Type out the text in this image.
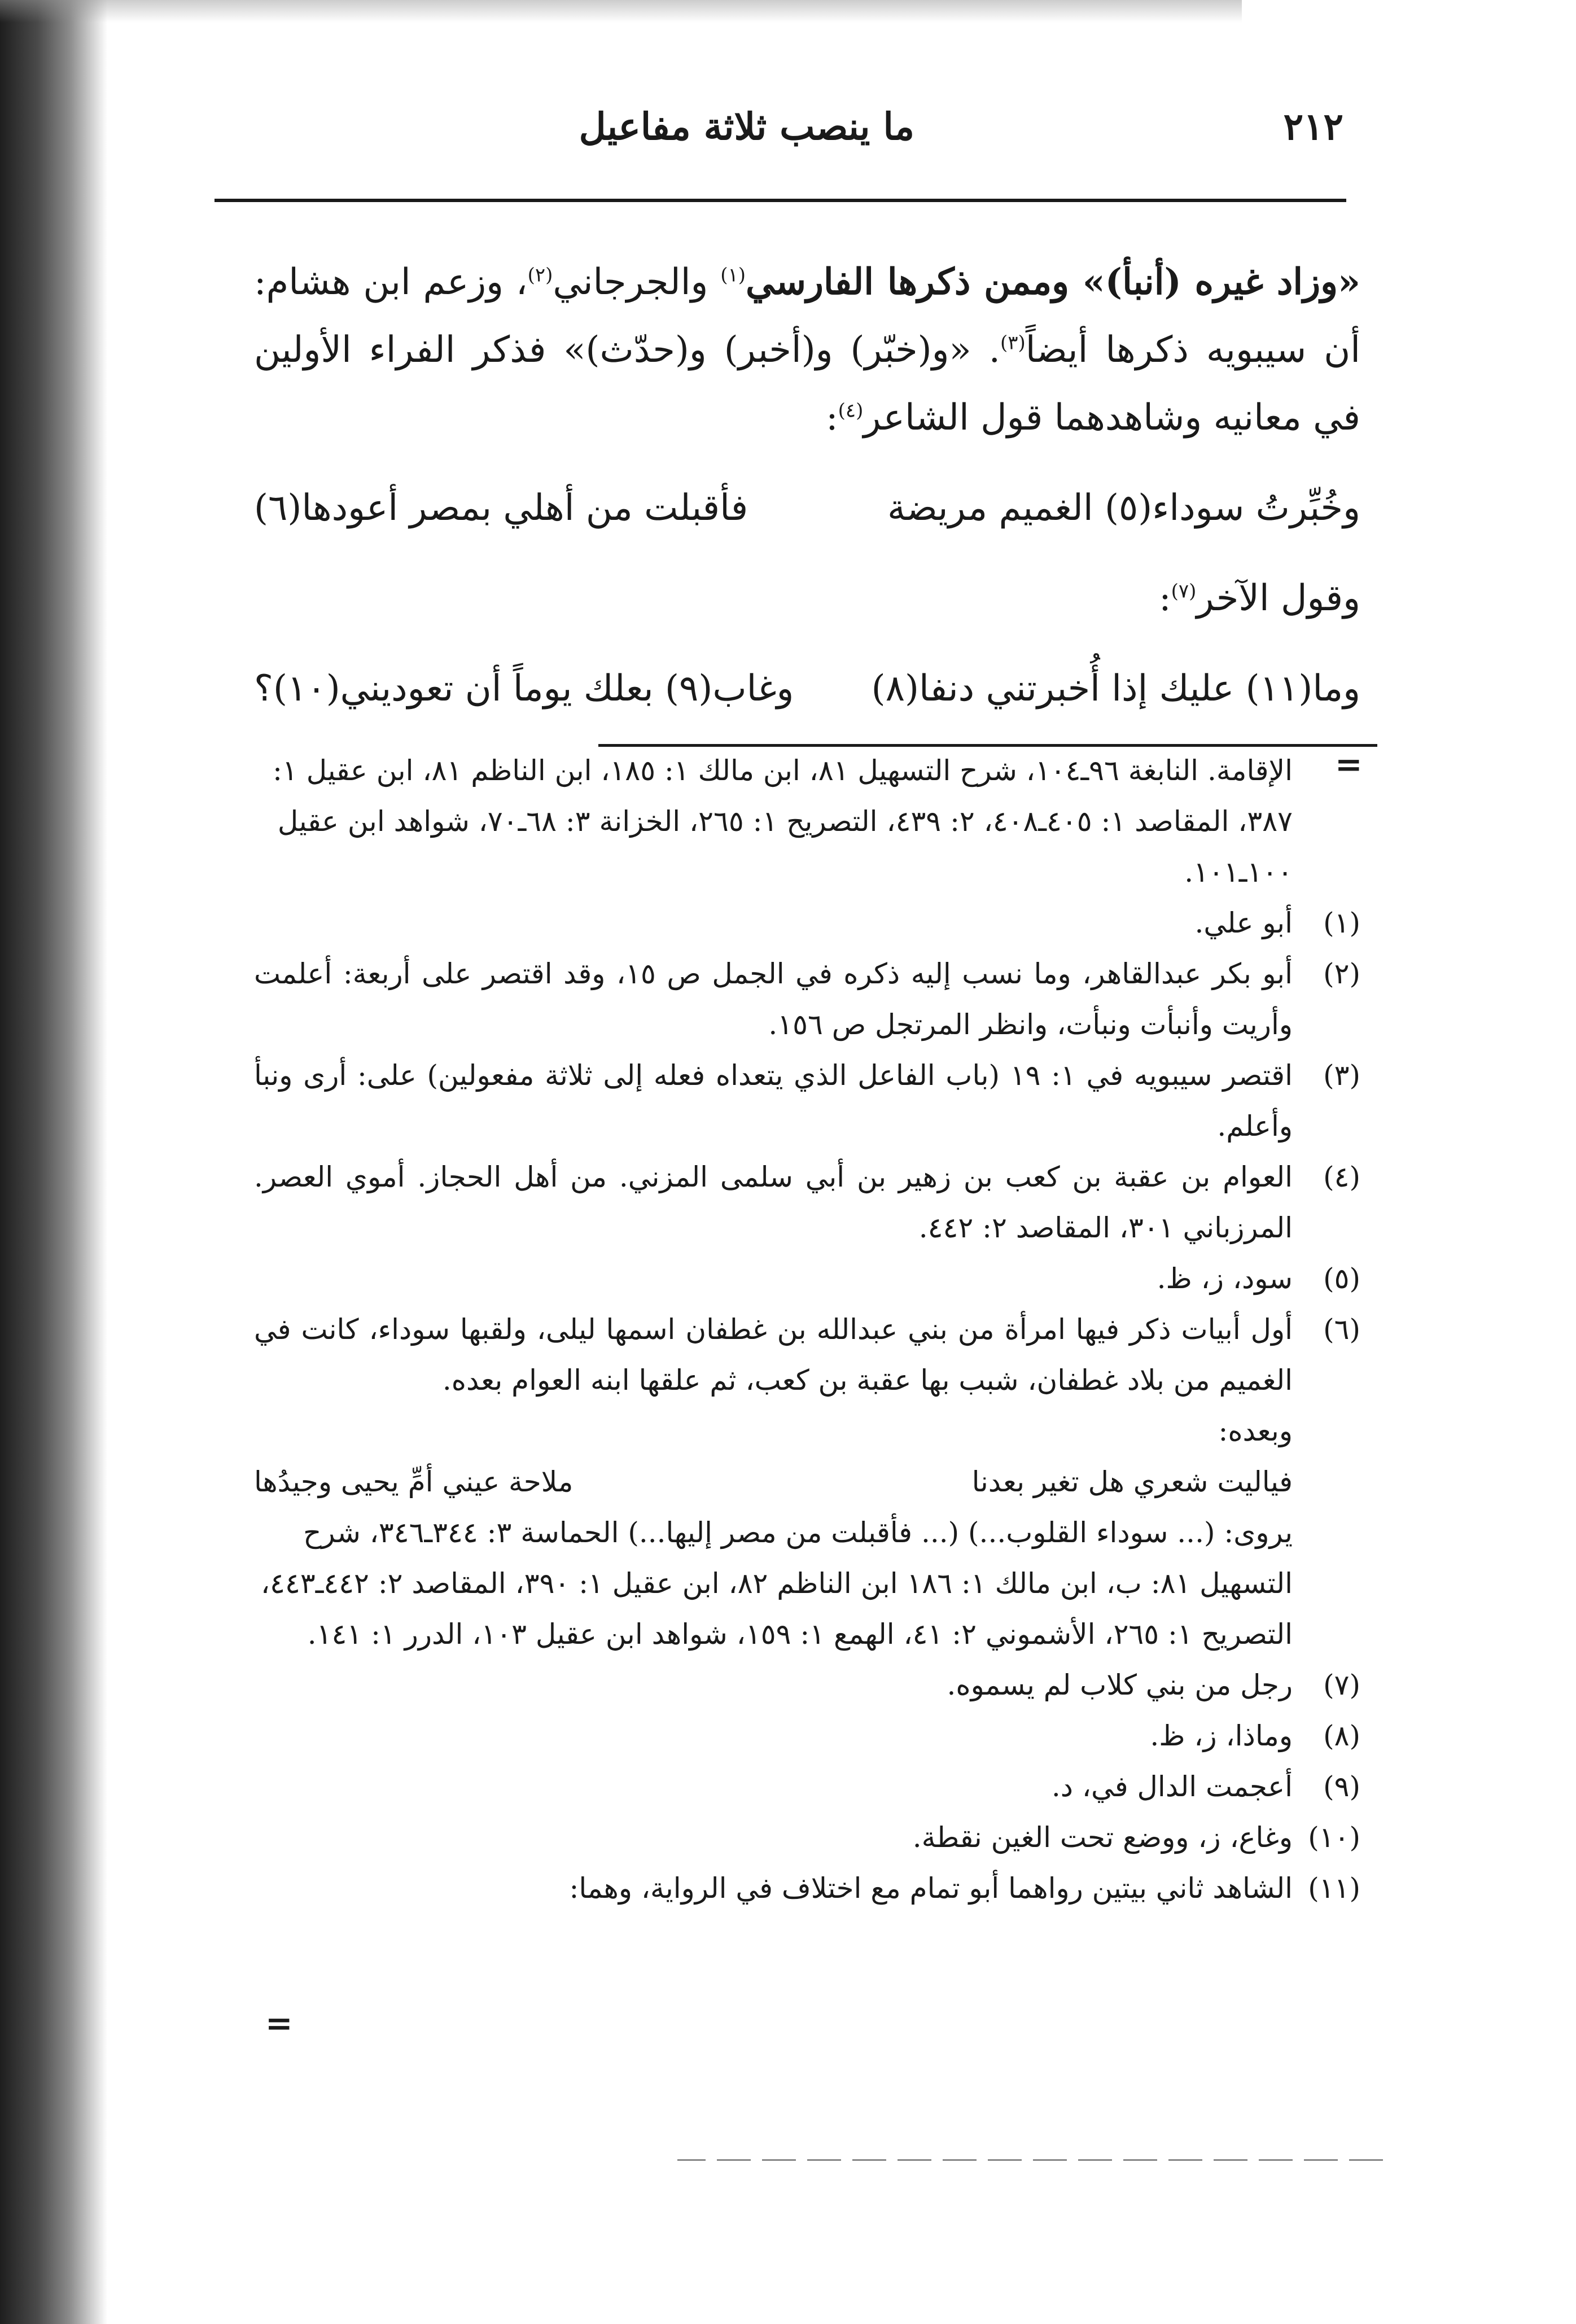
٢١٢
ما ينصب ثلاثة مفاعيل

«وزاد غيره (أنبأ)» وممن ذكرها الفارسي$^{(١)}$ والجرجاني$^{(٢)}$، وزعم ابن هشام: أن سيبويه ذكرها أيضاً$^{(٣)}$. «و(خبّر) و(أخبر) و(حدّث)» فذكر الفراء الأولين في معانيه وشاهدهما قول الشاعر$^{(٤)}$:

وخُبِّرتُ سوداء(٥) الغميم مريضة
فأقبلت من أهلي بمصر أعودها(٦)

وقول الآخر$^{(٧)}$:

وما(١١) عليك إذا أُخبرتني دنفا(٨)
وغاب(٩) بعلك يوماً أن تعوديني(١٠)؟
=

الإقامة. النابغة ٩٦ـ١٠٤، شرح التسهيل ٨١، ابن مالك ١: ١٨٥، ابن الناظم ٨١، ابن عقيل ١: ٣٨٧، المقاصد ١: ٤٠٥ـ٤٠٨، ٢: ٤٣٩، التصريح ١: ٢٦٥، الخزانة ٣: ٦٨ـ٧٠، شواهد ابن عقيل ١٠٠ـ١٠١.

(١)
أبو علي.
(٢)
أبو بكر عبدالقاهر، وما نسب إليه ذكره في الجمل ص ١٥، وقد اقتصر على أربعة: أعلمت وأريت وأنبأت ونبأت، وانظر المرتجل ص ١٥٦.
(٣)
اقتصر سيبويه في ١: ١٩ (باب الفاعل الذي يتعداه فعله إلى ثلاثة مفعولين) على: أرى ونبأ وأعلم.
(٤)
العوام بن عقبة بن كعب بن زهير بن أبي سلمى المزني. من أهل الحجاز. أموي العصر. المرزباني ٣٠١، المقاصد ٢: ٤٤٢.
(٥)
سود، ز، ظ.
(٦)
أول أبيات ذكر فيها امرأة من بني عبدالله بن غطفان اسمها ليلى، ولقبها سوداء، كانت في الغميم من بلاد غطفان، شبب بها عقبة بن كعب، ثم علقها ابنه العوام بعده.

وبعده:

فياليت شعري هل تغير بعدنا
ملاحة عيني أمِّ يحيى وجيدُها

يروى: (... سوداء القلوب...) (... فأقبلت من مصر إليها...) الحماسة ٣: ٣٤٤ـ٣٤٦، شرح التسهيل ٨١: ب، ابن مالك ١: ١٨٦ ابن الناظم ٨٢، ابن عقيل ١: ٣٩٠، المقاصد ٢: ٤٤٢ـ٤٤٣، التصريح ١: ٢٦٥، الأشموني ٢: ٤١، الهمع ١: ١٥٩، شواهد ابن عقيل ١٠٣، الدرر ١: ١٤١.

(٧)
رجل من بني كلاب لم يسموه.
(٨)
وماذا، ز، ظ.
(٩)
أعجمت الدال في، د.
(١٠)
وغاع، ز، ووضع تحت الغين نقطة.
(١١)
الشاهد ثاني بيتين رواهما أبو تمام مع اختلاف في الرواية، وهما:
=
